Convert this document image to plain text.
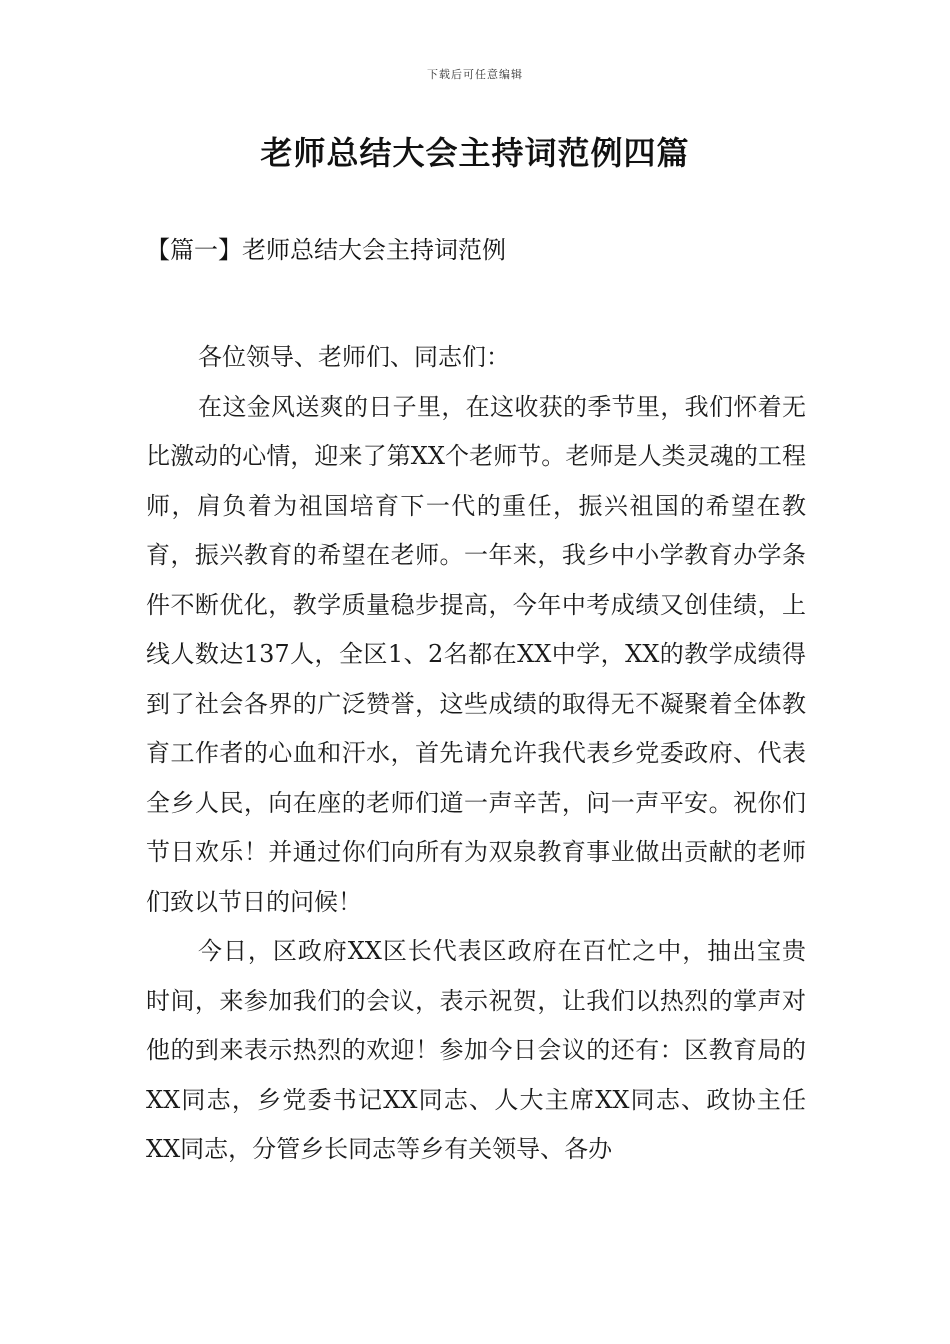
下载后可任意编辑
老师总结大会主持词范例四篇
【篇一】老师总结大会主持词范例

各位领导、老师们、同志们：

在这金风送爽的日子里，在这收获的季节里，我们怀着无比激动的心情，迎来了第XX个老师节。老师是人类灵魂的工程师，肩负着为祖国培育下一代的重任，振兴祖国的希望在教育，振兴教育的希望在老师。一年来，我乡中小学教育办学条件不断优化，教学质量稳步提高，今年中考成绩又创佳绩，上线人数达137人，全区1、2名都在XX中学，XX的教学成绩得到了社会各界的广泛赞誉，这些成绩的取得无不凝聚着全体教育工作者的心血和汗水，首先请允许我代表乡党委政府、代表全乡人民，向在座的老师们道一声辛苦，问一声平安。祝你们节日欢乐！并通过你们向所有为双泉教育事业做出贡献的老师们致以节日的问候！

今日，区政府XX区长代表区政府在百忙之中，抽出宝贵时间，来参加我们的会议，表示祝贺，让我们以热烈的掌声对他的到来表示热烈的欢迎！参加今日会议的还有：区教育局的XX同志，乡党委书记XX同志、人大主席XX同志、政协主任XX同志，分管乡长同志等乡有关领导、各办
